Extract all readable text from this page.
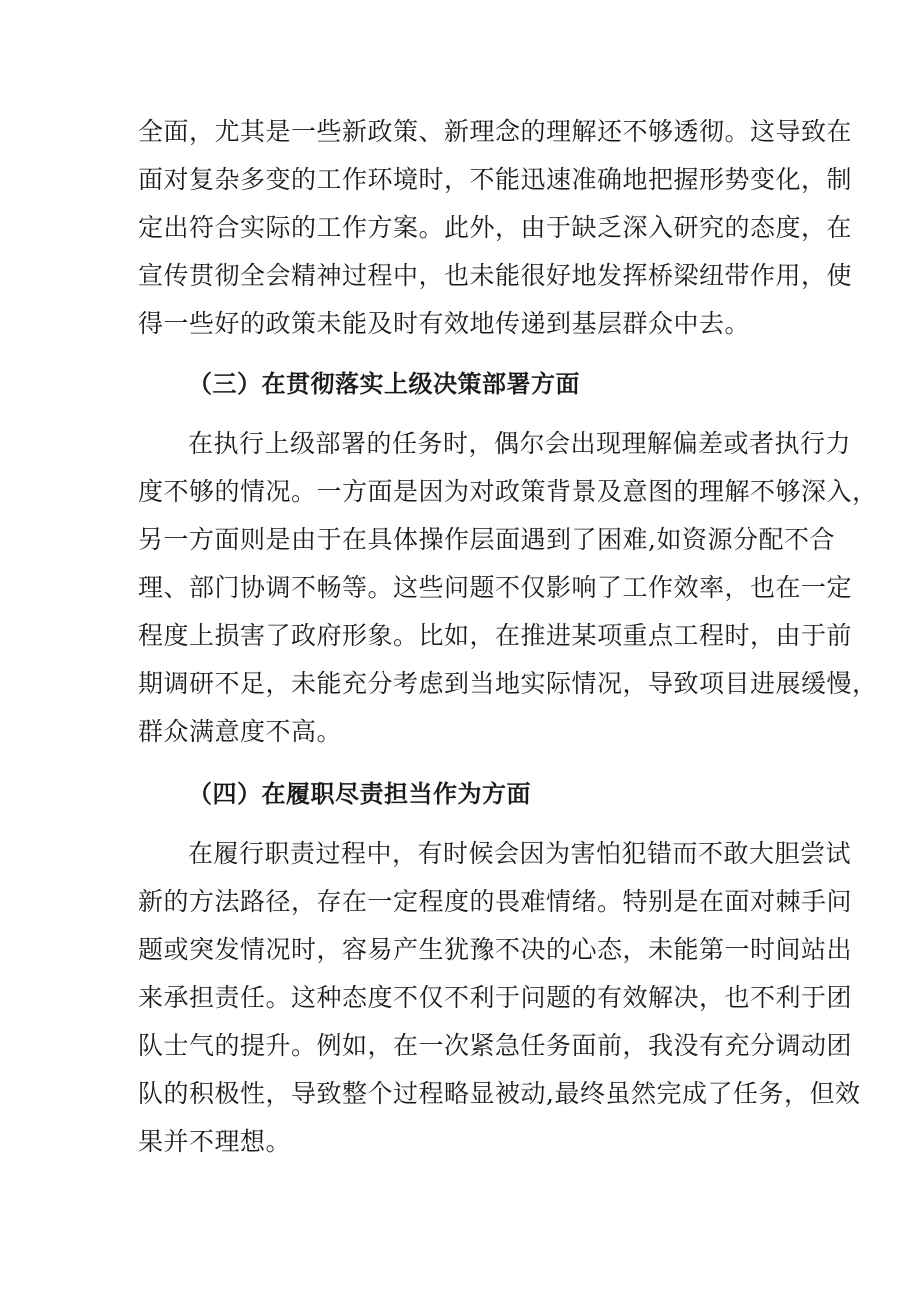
全面，尤其是一些新政策、新理念的理解还不够透彻。这导致在
面对复杂多变的工作环境时，不能迅速准确地把握形势变化，制
定出符合实际的工作方案。此外，由于缺乏深入研究的态度，在
宣传贯彻全会精神过程中，也未能很好地发挥桥梁纽带作用，使
得一些好的政策未能及时有效地传递到基层群众中去。
（三）在贯彻落实上级决策部署方面
在执行上级部署的任务时，偶尔会出现理解偏差或者执行力
度不够的情况。一方面是因为对政策背景及意图的理解不够深入，
另一方面则是由于在具体操作层面遇到了困难,如资源分配不合
理、部门协调不畅等。这些问题不仅影响了工作效率，也在一定
程度上损害了政府形象。比如，在推进某项重点工程时，由于前
期调研不足，未能充分考虑到当地实际情况，导致项目进展缓慢，
群众满意度不高。
（四）在履职尽责担当作为方面
在履行职责过程中，有时候会因为害怕犯错而不敢大胆尝试
新的方法路径，存在一定程度的畏难情绪。特别是在面对棘手问
题或突发情况时，容易产生犹豫不决的心态，未能第一时间站出
来承担责任。这种态度不仅不利于问题的有效解决，也不利于团
队士气的提升。例如，在一次紧急任务面前，我没有充分调动团
队的积极性，导致整个过程略显被动,最终虽然完成了任务，但效
果并不理想。
